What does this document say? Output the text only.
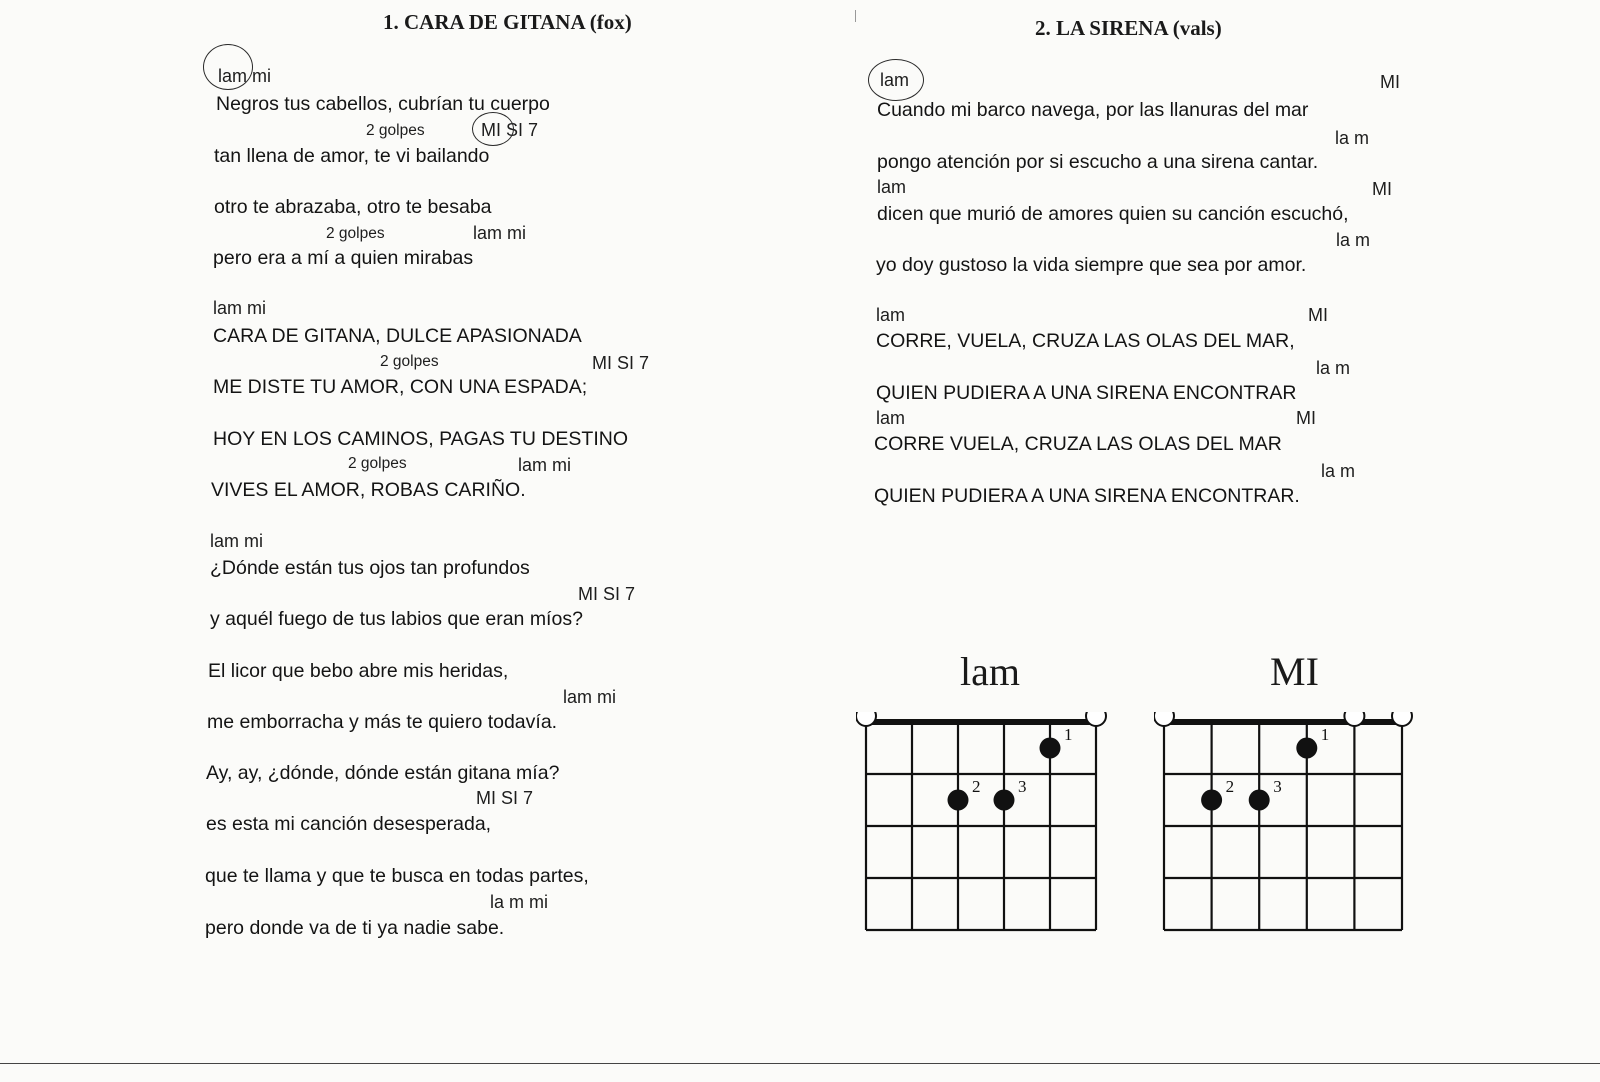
1. CARA DE GITANA (fox)	2. LA SIRENA (vals)
lam mi
Negros tus cabellos, cubrían tu cuerpo
2 golpes	MI SI 7
tan llena de amor, te vi bailando
otro te abrazaba, otro te besaba
2 golpes	lam mi
pero era a mí a quien mirabas
lam mi
CARA DE GITANA, DULCE APASIONADA
2 golpes	MI SI 7
ME DISTE TU AMOR, CON UNA ESPADA;
HOY EN LOS CAMINOS, PAGAS TU DESTINO
2 golpes	lam mi
VIVES EL AMOR, ROBAS CARIÑO.
lam mi
¿Dónde están tus ojos tan profundos
MI SI 7
y aquél fuego de tus labios que eran míos?
El licor que bebo abre mis heridas,
lam mi
me emborracha y más te quiero todavía.
Ay, ay, ¿dónde, dónde están gitana mía?
MI SI 7
es esta mi canción desesperada,
que te llama y que te busca en todas partes,
la m mi
pero donde va de ti ya nadie sabe.
lam	MI
Cuando mi barco navega, por las llanuras del mar
la m
pongo atención por si escucho a una sirena cantar.
lam	MI
dicen que murió de amores quien su canción escuchó,
la m
yo doy gustoso la vida siempre que sea por amor.
lam	MI
CORRE, VUELA, CRUZA LAS OLAS DEL MAR,
la m
QUIEN PUDIERA A UNA SIRENA ENCONTRAR
lam	MI
CORRE VUELA, CRUZA LAS OLAS DEL MAR
la m
QUIEN PUDIERA A UNA SIRENA ENCONTRAR.
lam	MI
1
2 3
1
2 3
